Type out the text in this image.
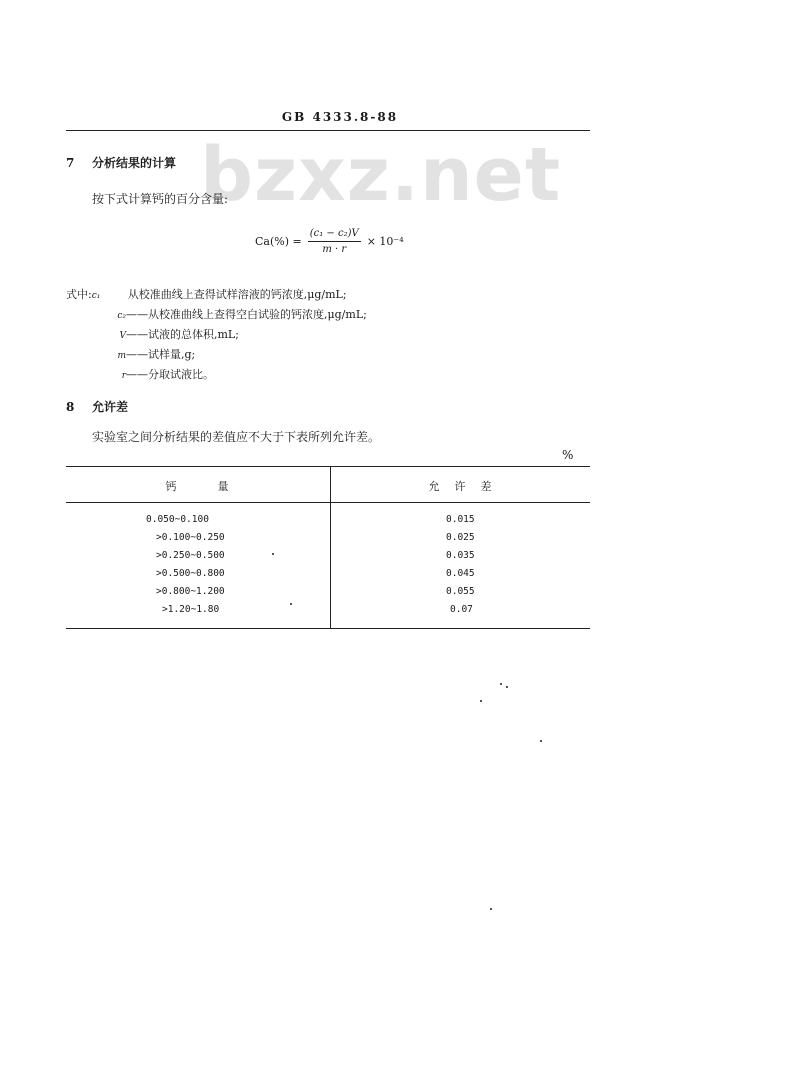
GB 4333.8-88
bzxz.net
7 分析结果的计算
按下式计算钙的百分含量:
$Ca(\%) = \frac{\text{(c₁ − c₂)V}}{m \cdot r} \times 10^{-4}$
式中:c₁ 从校准曲线上查得试样溶液的钙浓度,μg/mL;
c₂——从校准曲线上查得空白试验的钙浓度,μg/mL;
V——试液的总体积,mL;
m——试样量,g;
r——分取试液比。
8 允许差
实验室之间分析结果的差值应不大于下表所列允许差。
%
钙　　　量	允　许　差
0.050~0.100	0.015
>0.100~0.250	0.025
>0.250~0.500	0.035
>0.500~0.800	0.045
>0.800~1.200	0.055
>1.20~1.80	0.07
